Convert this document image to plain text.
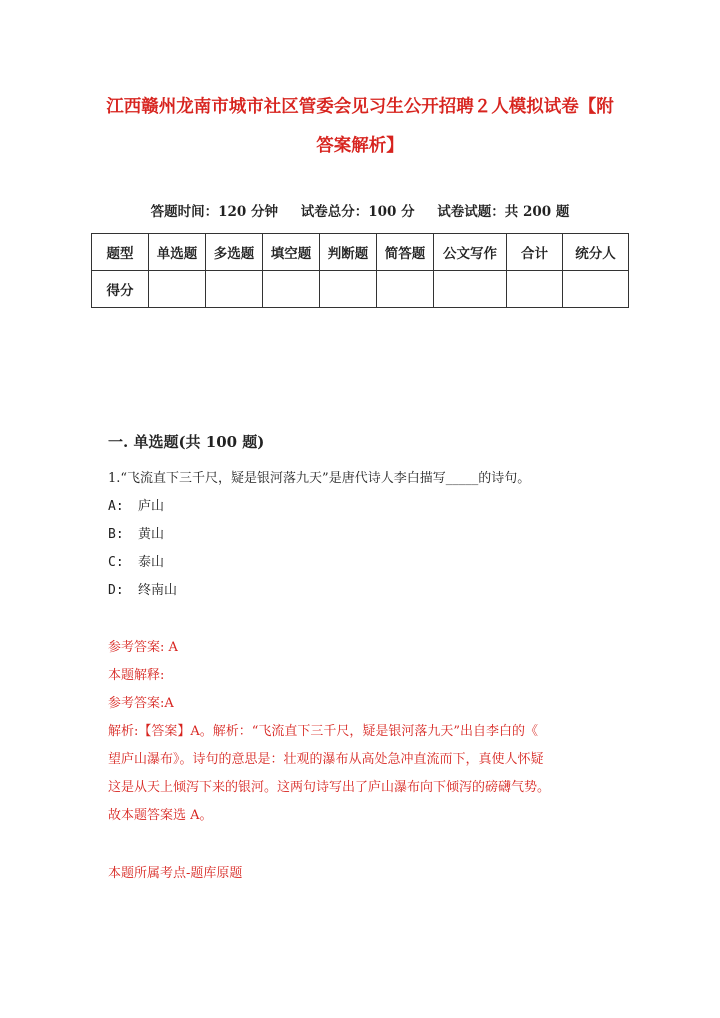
江西赣州龙南市城市社区管委会见习生公开招聘２人模拟试卷【附
答案解析】
答题时间：120 分钟 试卷总分：100 分 试卷试题：共 200 题
题型	单选题	多选题	填空题	判断题	简答题	公文写作	合计	统分人
得分								
一. 单选题(共 100 题)
1.“飞流直下三千尺，疑是银河落九天”是唐代诗人李白描写_____的诗句。
A: 庐山
B: 黄山
C: 泰山
D: 终南山
参考答案: A
本题解释:
参考答案:A
解析:【答案】A。解析：“飞流直下三千尺，疑是银河落九天”出自李白的《
望庐山瀑布》。诗句的意思是：壮观的瀑布从高处急冲直流而下，真使人怀疑
这是从天上倾泻下来的银河。这两句诗写出了庐山瀑布向下倾泻的磅礴气势。
故本题答案选 A。
本题所属考点-题库原题
